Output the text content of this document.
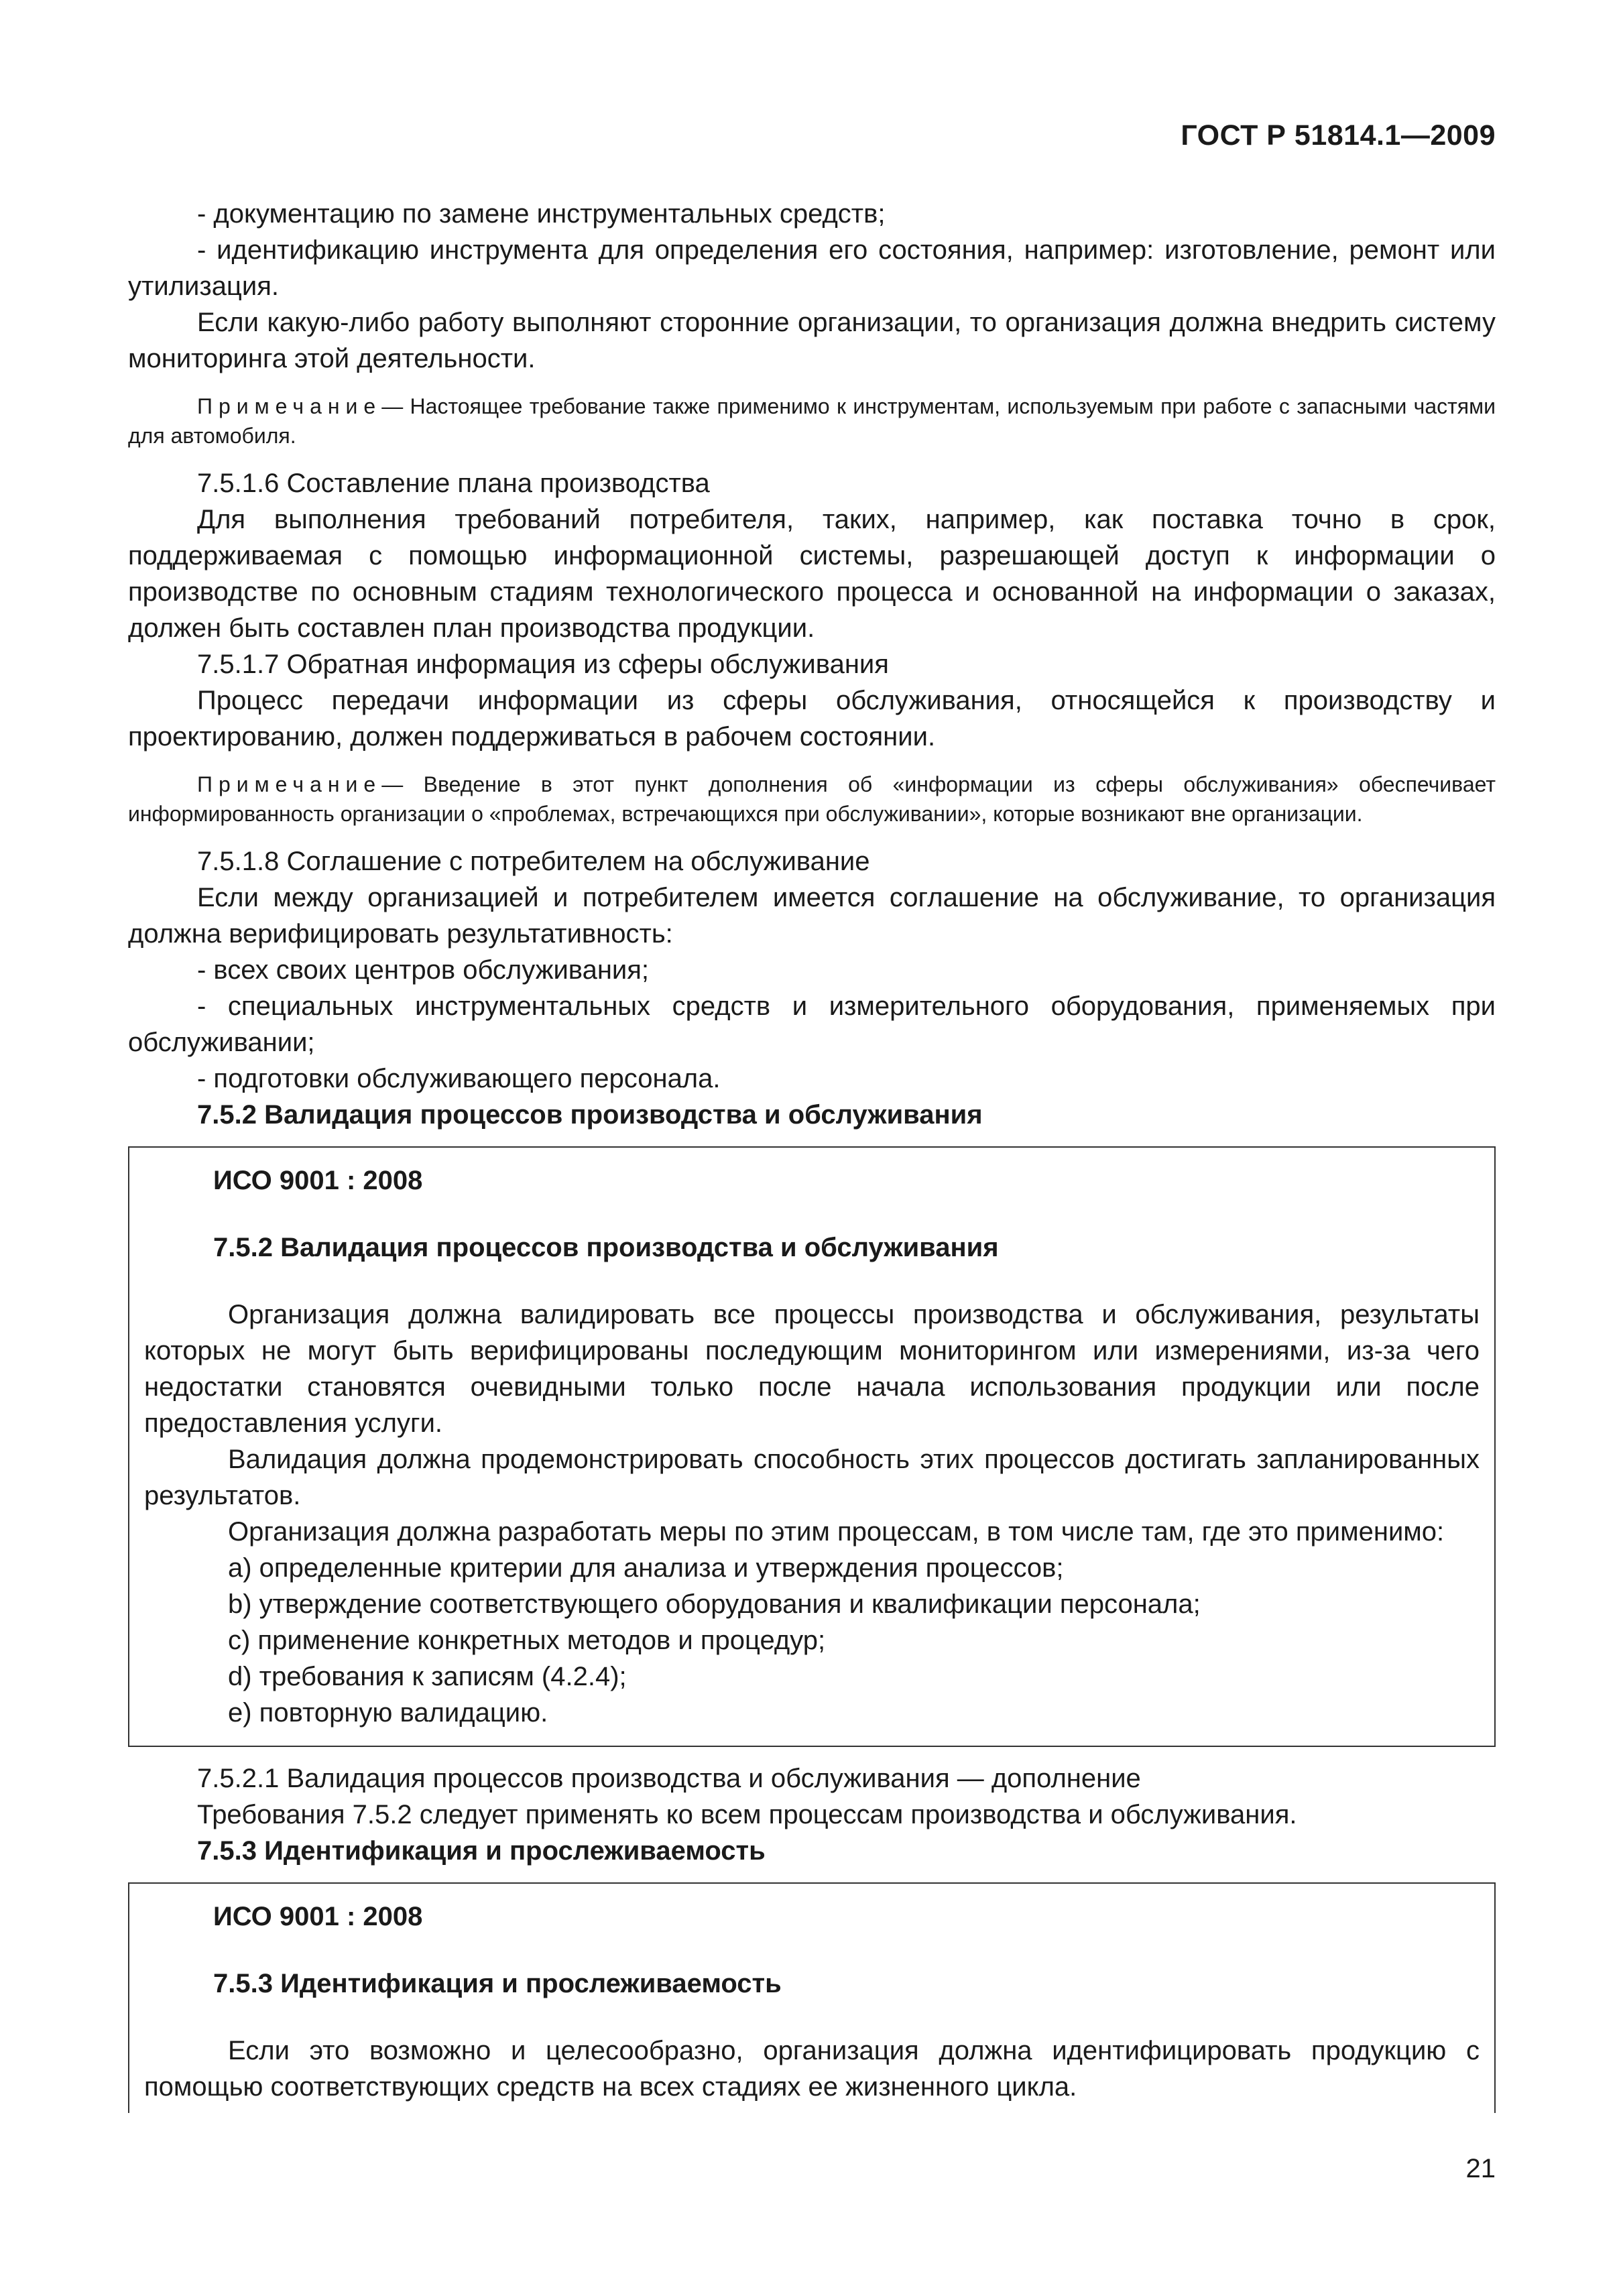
ГОСТ Р 51814.1—2009

- документацию по замене инструментальных средств;

- идентификацию инструмента для определения его состояния, например: изготовление, ремонт или утилизация.

Если какую-либо работу выполняют сторонние организации, то организация должна внедрить систему мониторинга этой деятельности.

Примечание— Настоящее требование также применимо к инструментам, используемым при работе с запасными частями для автомобиля.

7.5.1.6 Составление плана производства

Для выполнения требований потребителя, таких, например, как поставка точно в срок, поддерживаемая с помощью информационной системы, разрешающей доступ к информации о производстве по основным стадиям технологического процесса и основанной на информации о заказах, должен быть составлен план производства продукции.

7.5.1.7 Обратная информация из сферы обслуживания

Процесс передачи информации из сферы обслуживания, относящейся к производству и проектированию, должен поддерживаться в рабочем состоянии.

Примечание— Введение в этот пункт дополнения об «информации из сферы обслуживания» обеспечивает информированность организации о «проблемах, встречающихся при обслуживании», которые возникают вне организации.

7.5.1.8 Соглашение с потребителем на обслуживание

Если между организацией и потребителем имеется соглашение на обслуживание, то организация должна верифицировать результативность:

- всех своих центров обслуживания;

- специальных инструментальных средств и измерительного оборудования, применяемых при обслуживании;

- подготовки обслуживающего персонала.

7.5.2 Валидация процессов производства и обслуживания

ИСО 9001 : 2008

7.5.2 Валидация процессов производства и обслуживания

Организация должна валидировать все процессы производства и обслуживания, результаты которых не могут быть верифицированы последующим мониторингом или измерениями, из-за чего недостатки становятся очевидными только после начала использования продукции или после предоставления услуги.

Валидация должна продемонстрировать способность этих процессов достигать запланированных результатов.

Организация должна разработать меры по этим процессам, в том числе там, где это применимо:

a) определенные критерии для анализа и утверждения процессов;

b) утверждение соответствующего оборудования и квалификации персонала;

c) применение конкретных методов и процедур;

d) требования к записям (4.2.4);

e) повторную валидацию.

7.5.2.1 Валидация процессов производства и обслуживания — дополнение

Требования 7.5.2 следует применять ко всем процессам производства и обслуживания.

7.5.3 Идентификация и прослеживаемость

ИСО 9001 : 2008

7.5.3 Идентификация и прослеживаемость

Если это возможно и целесообразно, организация должна идентифицировать продукцию с помощью соответствующих средств на всех стадиях ее жизненного цикла.

21
